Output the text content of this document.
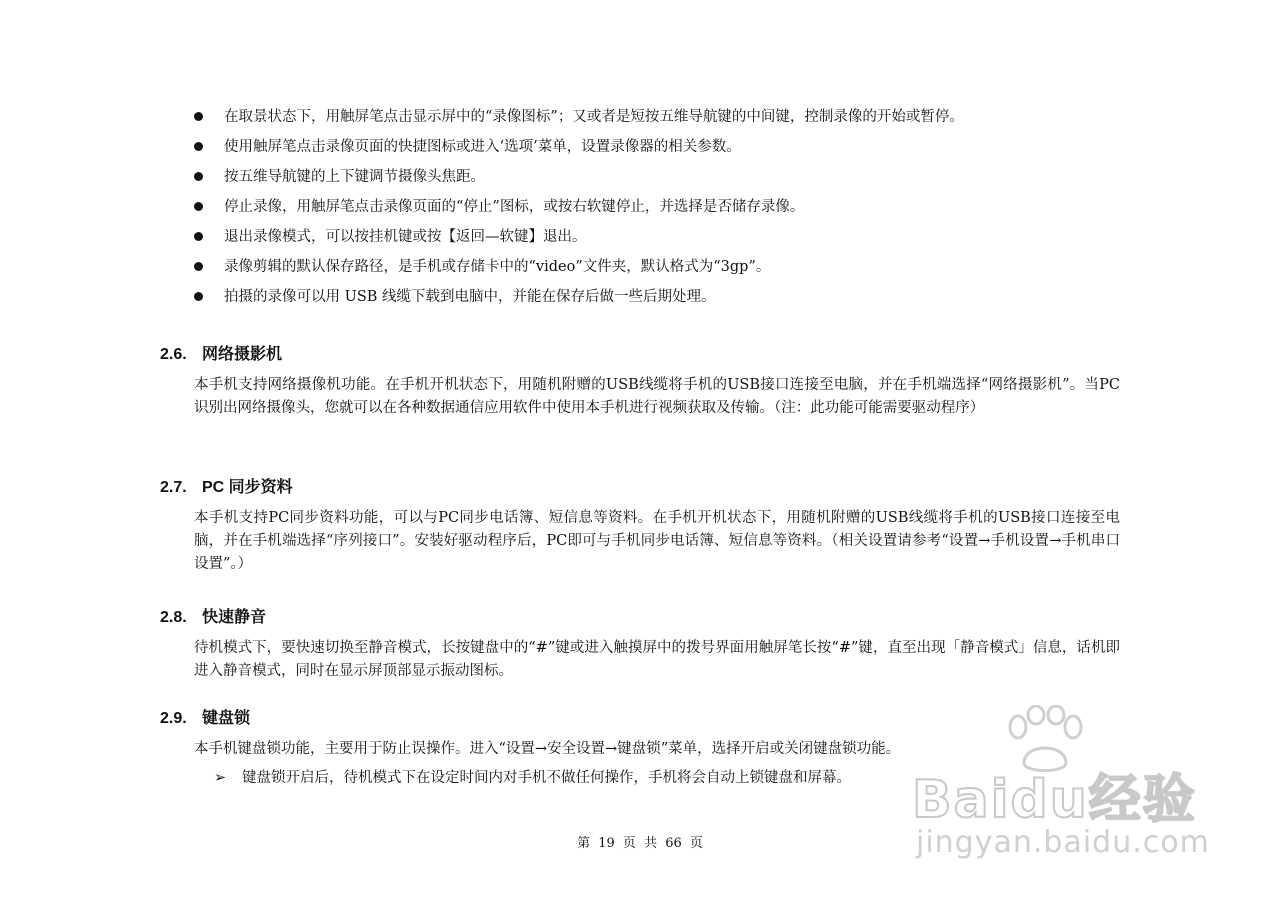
在取景状态下，用触屏笔点击显示屏中的“录像图标”；又或者是短按五维导航键的中间键，控制录像的开始或暂停。
使用触屏笔点击录像页面的快捷图标或进入‘选项’菜单，设置录像器的相关参数。
按五维导航键的上下键调节摄像头焦距。
停止录像，用触屏笔点击录像页面的“停止”图标，或按右软键停止，并选择是否储存录像。
退出录像模式，可以按挂机键或按【返回—软键】退出。
录像剪辑的默认保存路径，是手机或存储卡中的“video”文件夹，默认格式为“3gp”。
拍摄的录像可以用 USB 线缆下载到电脑中，并能在保存后做一些后期处理。
2.6. 网络摄影机

本手机支持网络摄像机功能。在手机开机状态下，用随机附赠的USB线缆将手机的USB接口连接至电脑，并在手机端选择“网络摄影机”。当PC识别出网络摄像头，您就可以在各种数据通信应用软件中使用本手机进行视频获取及传输。（注：此功能可能需要驱动程序）

2.7. PC 同步资料

本手机支持PC同步资料功能，可以与PC同步电话簿、短信息等资料。在手机开机状态下，用随机附赠的USB线缆将手机的USB接口连接至电脑，并在手机端选择“序列接口”。安装好驱动程序后，PC即可与手机同步电话簿、短信息等资料。（相关设置请参考“设置→手机设置→手机串口设置”。）

2.8. 快速静音

待机模式下，要快速切换至静音模式，长按键盘中的“#”键或进入触摸屏中的拨号界面用触屏笔长按“#”键，直至出现「静音模式」信息，话机即进入静音模式，同时在显示屏顶部显示振动图标。

2.9. 键盘锁

本手机键盘锁功能，主要用于防止误操作。进入“设置→安全设置→键盘锁”菜单，选择开启或关闭键盘锁功能。

➢ 键盘锁开启后，待机模式下在设定时间内对手机不做任何操作，手机将会自动上锁键盘和屏幕。
第 19 页 共 66 页
Baidu经验
jingyan.baidu.com
